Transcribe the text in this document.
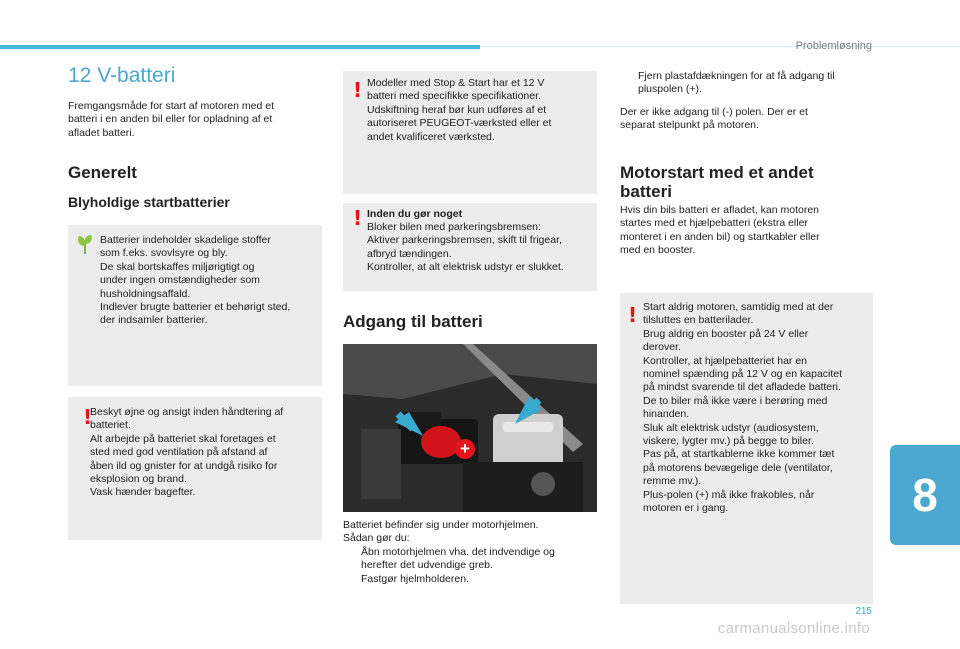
Problemløsning
12 V-batteri
Fremgangsmåde for start af motoren med et
batteri i en anden bil eller for opladning af et
afladet batteri.
Generelt
Blyholdige startbatterier
Batterier indeholder skadelige stoffer
som f.eks. svovlsyre og bly.
De skal bortskaffes miljørigtigt og
under ingen omstændigheder som
husholdningsaffald.
Indlever brugte batterier et behørigt sted,
der indsamler batterier.
!
Beskyt øjne og ansigt inden håndtering af
batteriet.
Alt arbejde på batteriet skal foretages et
sted med god ventilation på afstand af
åben ild og gnister for at undgå risiko for
eksplosion og brand.
Vask hænder bagefter.
! Modeller med Stop & Start har et 12 V
batteri med specifikke specifikationer.
Udskiftning heraf bør kun udføres af et
autoriseret PEUGEOT-værksted eller et
andet kvalificeret værksted.
! Inden du gør noget
Bloker bilen med parkeringsbremsen:
Aktiver parkeringsbremsen, skift til frigear,
afbryd tændingen.
Kontroller, at alt elektrisk udstyr er slukket.
Adgang til batteri
+
Batteriet befinder sig under motorhjelmen.
Sådan gør du:
Åbn motorhjelmen vha. det indvendige og
herefter det udvendige greb.
Fastgør hjelmholderen.
Fjern plastafdækningen for at få adgang til
pluspolen (+).
Der er ikke adgang til (-) polen. Der er et
separat stelpunkt på motoren.
Motorstart med et andet
batteri
Hvis din bils batteri er afladet, kan motoren
startes med et hjælpebatteri (ekstra eller
monteret i en anden bil) og startkabler eller
med en booster.
! Start aldrig motoren, samtidig med at der
tilsluttes en batterilader.
Brug aldrig en booster på 24 V eller
derover.
Kontroller, at hjælpebatteriet har en
nominel spænding på 12 V og en kapacitet
på mindst svarende til det afladede batteri.
De to biler må ikke være i berøring med
hinanden.
Sluk alt elektrisk udstyr (audiosystem,
viskere, lygter mv.) på begge to biler.
Pas på, at startkablerne ikke kommer tæt
på motorens bevægelige dele (ventilator,
remme mv.).
Plus-polen (+) må ikke frakobles, når
motoren er i gang.	8
215
carmanualsonline.info
